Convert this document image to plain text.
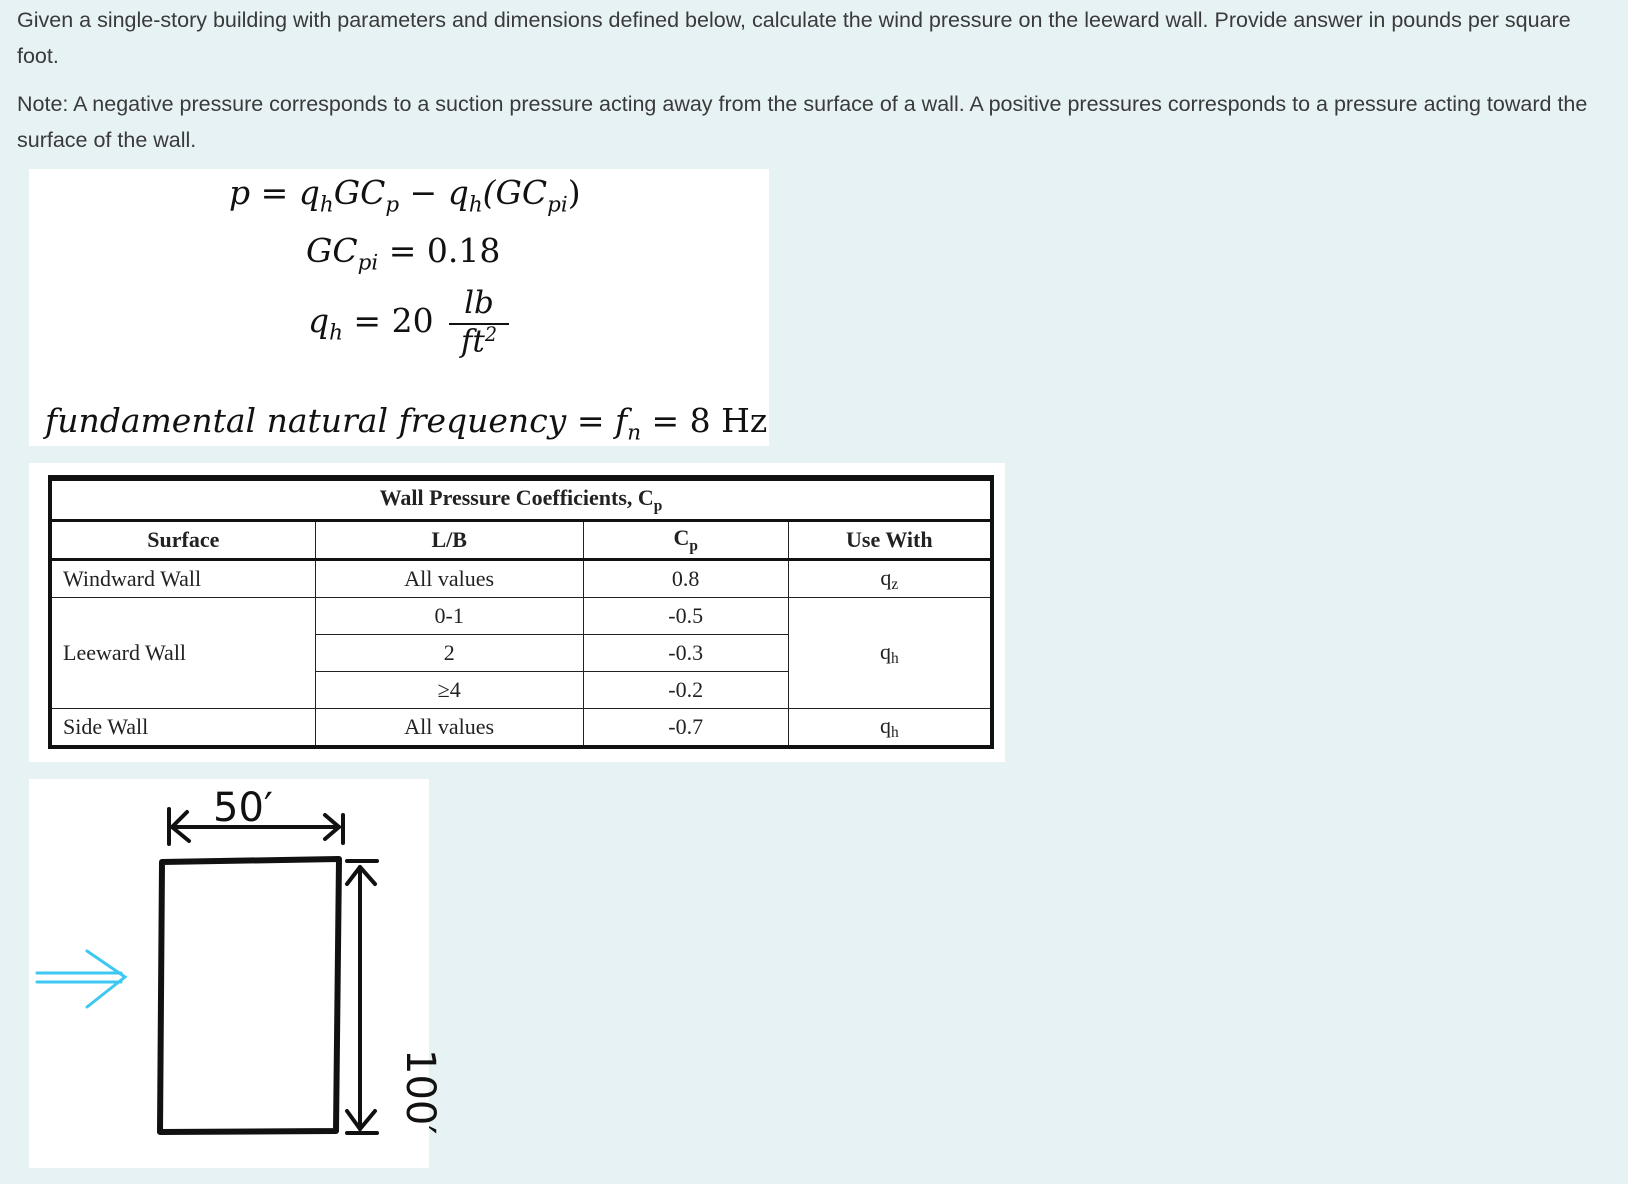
Given a single-story building with parameters and dimensions defined below, calculate the wind pressure on the leeward wall. Provide answer in pounds per square foot.

Note: A negative pressure corresponds to a suction pressure acting away from the surface of a wall. A positive pressures corresponds to a pressure acting toward the surface of the wall.

$p = q_hGC_p - q_h(GC_{pi})$
$GC_{pi} = 0.18$
$q_h = 20$ lb
$ft^2$
fundamental natural frequency = $f_n = 8$ Hz
Wall Pressure Coefficients, $C_p$
Surface	L/B	$C_p$	Use With
Windward Wall	All values	0.8	qz
Leeward Wall	0-1	-0.5	qh
	2	-0.3	
	≥4	-0.2	
Side Wall	All values	-0.7	qh
50′
100′
